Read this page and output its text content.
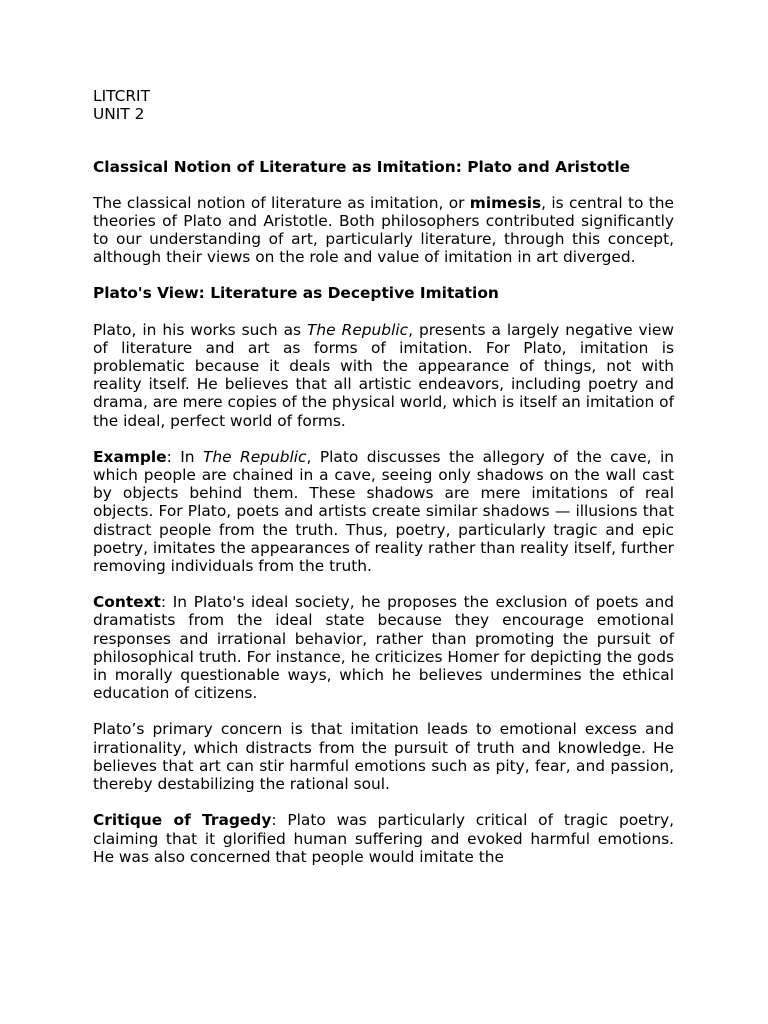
LITCRIT
UNIT 2

Classical Notion of Literature as Imitation: Plato and Aristotle

The classical notion of literature as imitation, or mimesis, is central to the theories of Plato and Aristotle. Both philosophers contributed significantly to our understanding of art, particularly literature, through this concept, although their views on the role and value of imitation in art diverged.

Plato's View: Literature as Deceptive Imitation

Plato, in his works such as The Republic, presents a largely negative view of literature and art as forms of imitation. For Plato, imitation is problematic because it deals with the appearance of things, not with reality itself. He believes that all artistic endeavors, including poetry and drama, are mere copies of the physical world, which is itself an imitation of the ideal, perfect world of forms.

Example: In The Republic, Plato discusses the allegory of the cave, in which people are chained in a cave, seeing only shadows on the wall cast by objects behind them. These shadows are mere imitations of real objects. For Plato, poets and artists create similar shadows — illusions that distract people from the truth. Thus, poetry, particularly tragic and epic poetry, imitates the appearances of reality rather than reality itself, further removing individuals from the truth.

Context: In Plato's ideal society, he proposes the exclusion of poets and dramatists from the ideal state because they encourage emotional responses and irrational behavior, rather than promoting the pursuit of philosophical truth. For instance, he criticizes Homer for depicting the gods in morally questionable ways, which he believes undermines the ethical education of citizens.

Plato’s primary concern is that imitation leads to emotional excess and irrationality, which distracts from the pursuit of truth and knowledge. He believes that art can stir harmful emotions such as pity, fear, and passion, thereby destabilizing the rational soul.

Critique of Tragedy: Plato was particularly critical of tragic poetry, claiming that it glorified human suffering and evoked harmful emotions. He was also concerned that people would imitate the
